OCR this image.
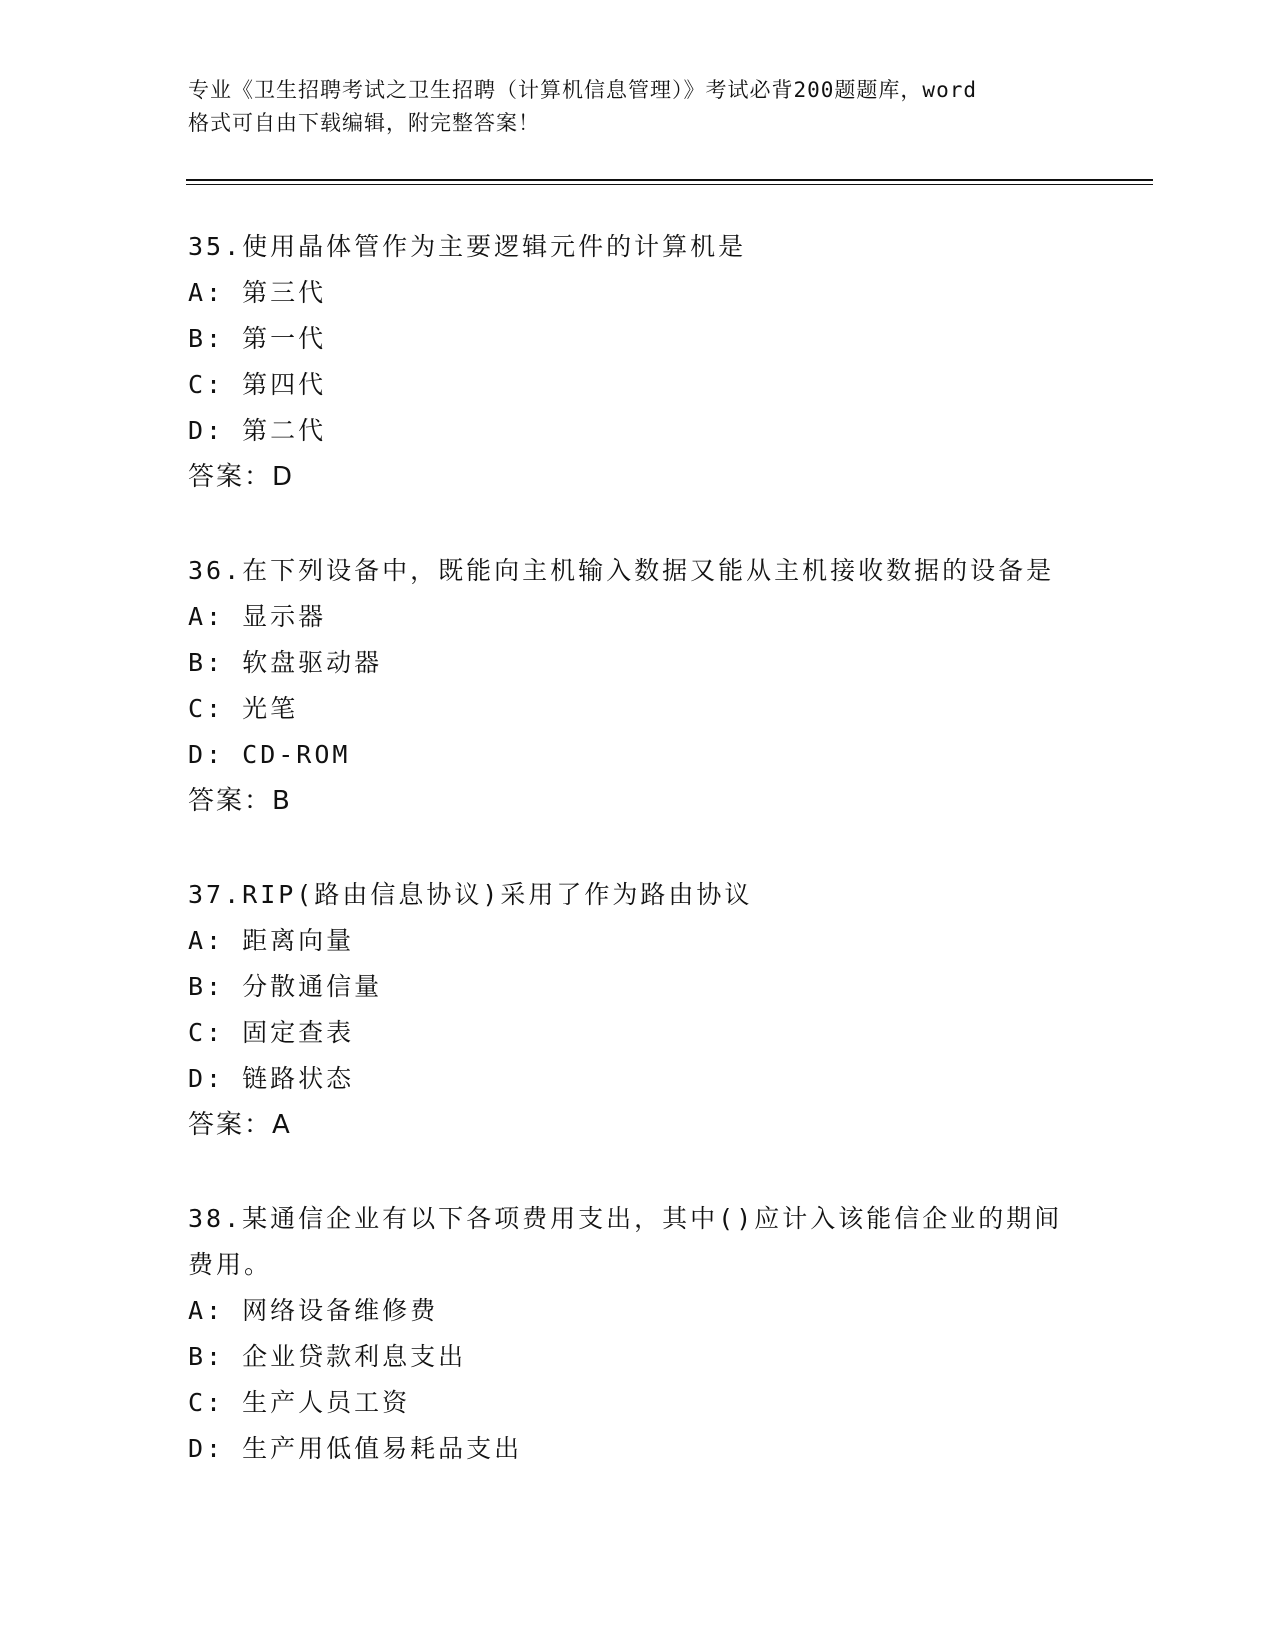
专业《卫生招聘考试之卫生招聘（计算机信息管理）》考试必背200题题库，word
格式可自由下载编辑，附完整答案！
35.使用晶体管作为主要逻辑元件的计算机是
A: 第三代
B: 第一代
C: 第四代
D: 第二代
答案：D
36.在下列设备中，既能向主机输入数据又能从主机接收数据的设备是
A: 显示器
B: 软盘驱动器
C: 光笔
D: CD-ROM
答案：B
37.RIP(路由信息协议)采用了作为路由协议
A: 距离向量
B: 分散通信量
C: 固定查表
D: 链路状态
答案：A
38.某通信企业有以下各项费用支出，其中()应计入该能信企业的期间
费用。
A: 网络设备维修费
B: 企业贷款利息支出
C: 生产人员工资
D: 生产用低值易耗品支出
